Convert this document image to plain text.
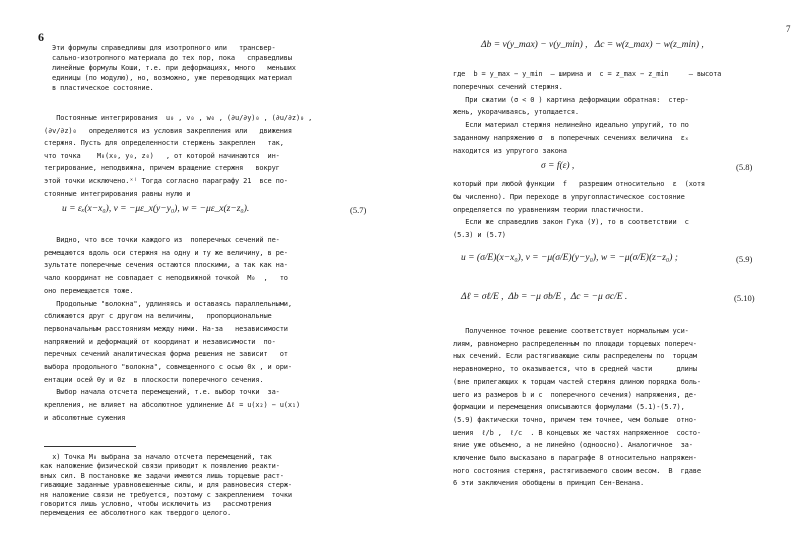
6
Эти формулы справедливы для изотропного или   трансвер-
сально-изотропного материала до тех пор, пока   справедливы
линейные формулы Коши, т.е. при деформациях, много   меньших
единицы (по модулю), но, возможно, уже переводящих материал
в пластическое состояние.
Постоянные интегрирования  u₀ , v₀ , w₀ , (∂u/∂y)₀ , (∂u/∂z)₀ ,
(∂v/∂z)₀   определяются из условия закрепления или   движения
стержня. Пусть для определенности стержень закреплен   так,
что точка    M₀(x₀, y₀, z₀)   , от которой начинаются  ин-
тегрирование, неподвижна, причем вращение стержня   вокруг
этой точки исключено.ˣ⁾ Тогда согласно параграфу 21  все по-
стоянные интегрирования равны нулю и
u = εₓ(x−x₀), v = −με_x(y−y₀), w = −με_x(z−z₀).	(5.7)
Видно, что все точки каждого из  поперечных сечений пе-
ремещаются вдоль оси стержня на одну и ту же величину, в ре-
зультате поперечные сечения остаются плоскими, а так как на-
чало координат не совпадает с неподвижной точкой  M₀  ,   то
оно перемещается тоже.
Продольные "волокна", удлиняясь и оставаясь параллельными,
сближаются друг с другом на величины,   пропорциональные
первоначальным расстояниям между ними. На-за   независимости
напряжений и деформаций от координат и независимости  по-
перечных сечений аналитическая форма решения не зависит   от
выбора продольного "волокна", совмещенного с осью 0x , и ори-
ентации осей 0y и 0z  в плоскости поперечного сечения.
Выбор начала отсчета перемещений, т.е. выбор точки  за-
крепления, не влияет на абсолютное удлинение Δℓ = u(x₂) − u(x₁)
и абсолютные сужения
x) Точка M₀ выбрана за начало отсчета перемещений, так
как наложение физической связи приводит к появлению реакти-
вных сил. В постановке же задачи имеются лишь торцевые раст-
гивающие заданные уравновешенные силы, и для равновесия стерж-
ня наложение связи не требуется, поэтому с закреплением  точки
говорится лишь условно, чтобы исключить из   рассмотрения
перемещения ее абсолютного как твердого целого.
7
Δb = v(y_max) − v(y_min) ,   Δc = w(z_max) − w(z_min) ,
где  b = y_max − y_min  – ширина и  c = z_max − z_min     – высота
поперечных сечений стержня.
При сжатии (σ < 0 ) картина деформации обратная:  стер-
жень, укорачиваясь, утолщается.
Если материал стержня нелинейно идеально упругий, то по
заданному напряжению σ  в поперечных сечениях величина  εₓ
находится из упругого закона
σ = f(ε) ,	(5.8)
который при любой функции  f   разрешим относительно  ε  (хотя
бы численно). При переходе в упругопластическое состояние
определяется по уравнениям теории пластичности.
Если же справедлив закон Гука (У), то в соответствии  с
(5.3) и (5.7)
u = (σ/E)(x−x₀), v = −μ(σ/E)(y−y₀), w = −μ(σ/E)(z−z₀) ;	(5.9)
Δℓ = σℓ/E ,  Δb = −μ σb/E ,  Δc = −μ σc/E .	(5.10)
Полученное точное решение соответствует нормальным уси-
лиям, равномерно распределенным по площади торцевых попереч-
ных сечений. Если растягивающие силы распределены по  торцам
неравномерно, то оказывается, что в средней части      длины
(вне прилегающих к торцам частей стержня длиною порядка боль-
шего из размеров b и c  поперечного сечения) напряжения, де-
формации и перемещения описываются формулами (5.1)-(5.7),
(5.9) фактически точно, причем тем точнее, чем больше  отно-
шения  ℓ/b ,  ℓ/c  . В концевых же частях напряженное  состо-
яние уже объемно, а не линейно (одноосно). Аналогичное  за-
ключение было высказано в параграфе 8 относительно напряжен-
ного состояния стержня, растягиваемого своим весом.  В  гдаве
6 эти заключения обобщены в принцип Сен-Венана.
